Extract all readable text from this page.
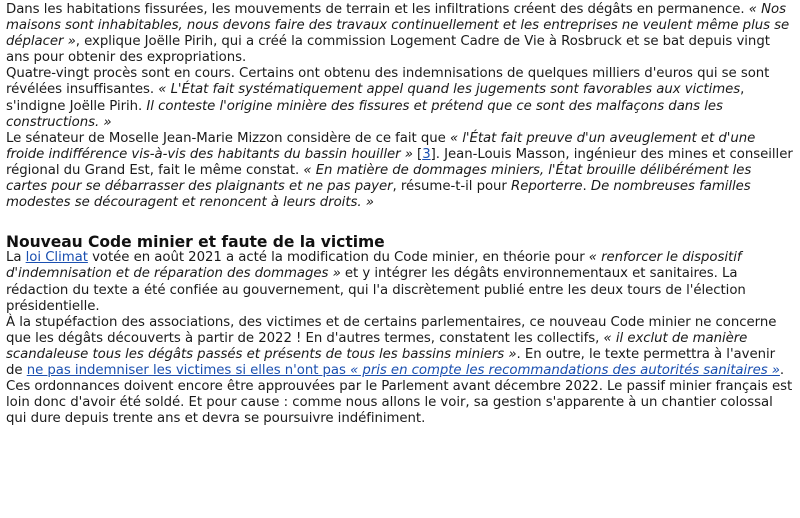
Dans les habitations fissurées, les mouvements de terrain et les infiltrations créent des dégâts en permanence. « Nos maisons sont inhabitables, nous devons faire des travaux continuellement et les entreprises ne veulent même plus se déplacer », explique Joëlle Pirih, qui a créé la commission Logement Cadre de Vie à Rosbruck et se bat depuis vingt ans pour obtenir des expropriations.

Quatre-vingt procès sont en cours. Certains ont obtenu des indemnisations de quelques milliers d'euros qui se sont révélées insuffisantes. « L'État fait systématiquement appel quand les jugements sont favorables aux victimes, s'indigne Joëlle Pirih. Il conteste l'origine minière des fissures et prétend que ce sont des malfaçons dans les constructions. »

Le sénateur de Moselle Jean-Marie Mizzon considère de ce fait que « l'État fait preuve d'un aveuglement et d'une froide indifférence vis-à-vis des habitants du bassin houiller » [3]. Jean-Louis Masson, ingénieur des mines et conseiller régional du Grand Est, fait le même constat. « En matière de dommages miniers, l'État brouille délibérément les cartes pour se débarrasser des plaignants et ne pas payer, résume-t-il pour Reporterre. De nombreuses familles modestes se découragent et renoncent à leurs droits. »

Nouveau Code minier et faute de la victime

La loi Climat votée en août 2021 a acté la modification du Code minier, en théorie pour « renforcer le dispositif d'indemnisation et de réparation des dommages » et y intégrer les dégâts environnementaux et sanitaires. La rédaction du texte a été confiée au gouvernement, qui l'a discrètement publié entre les deux tours de l'élection présidentielle.

À la stupéfaction des associations, des victimes et de certains parlementaires, ce nouveau Code minier ne concerne que les dégâts découverts à partir de 2022 ! En d'autres termes, constatent les collectifs, « il exclut de manière scandaleuse tous les dégâts passés et présents de tous les bassins miniers ». En outre, le texte permettra à l'avenir de ne pas indemniser les victimes si elles n'ont pas « pris en compte les recommandations des autorités sanitaires ».

Ces ordonnances doivent encore être approuvées par le Parlement avant décembre 2022. Le passif minier français est loin donc d'avoir été soldé. Et pour cause : comme nous allons le voir, sa gestion s'apparente à un chantier colossal qui dure depuis trente ans et devra se poursuivre indéfiniment.
